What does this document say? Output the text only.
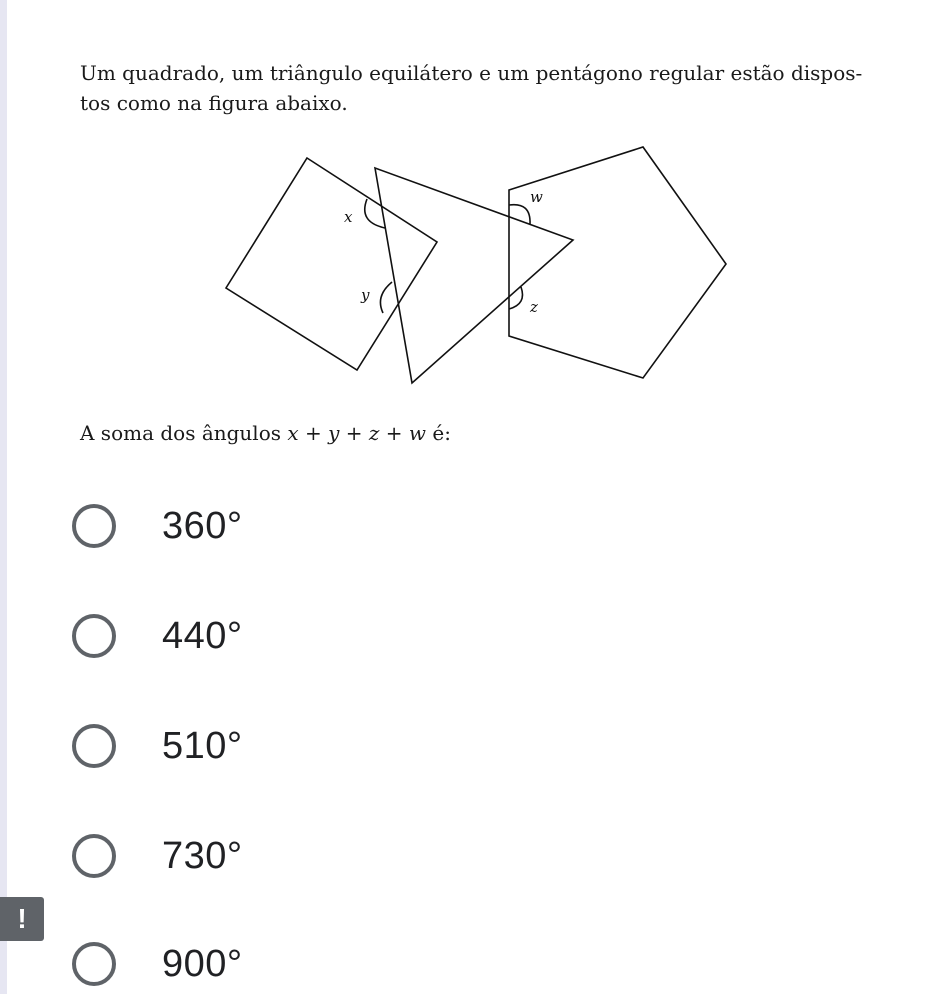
Um quadrado, um triângulo equilátero e um pentágono regular estão dispos-
tos como na figura abaixo.
x
y
z
w
A soma dos ângulos x + y + z + w é:
360°
440°
510°
730°
900°
!
